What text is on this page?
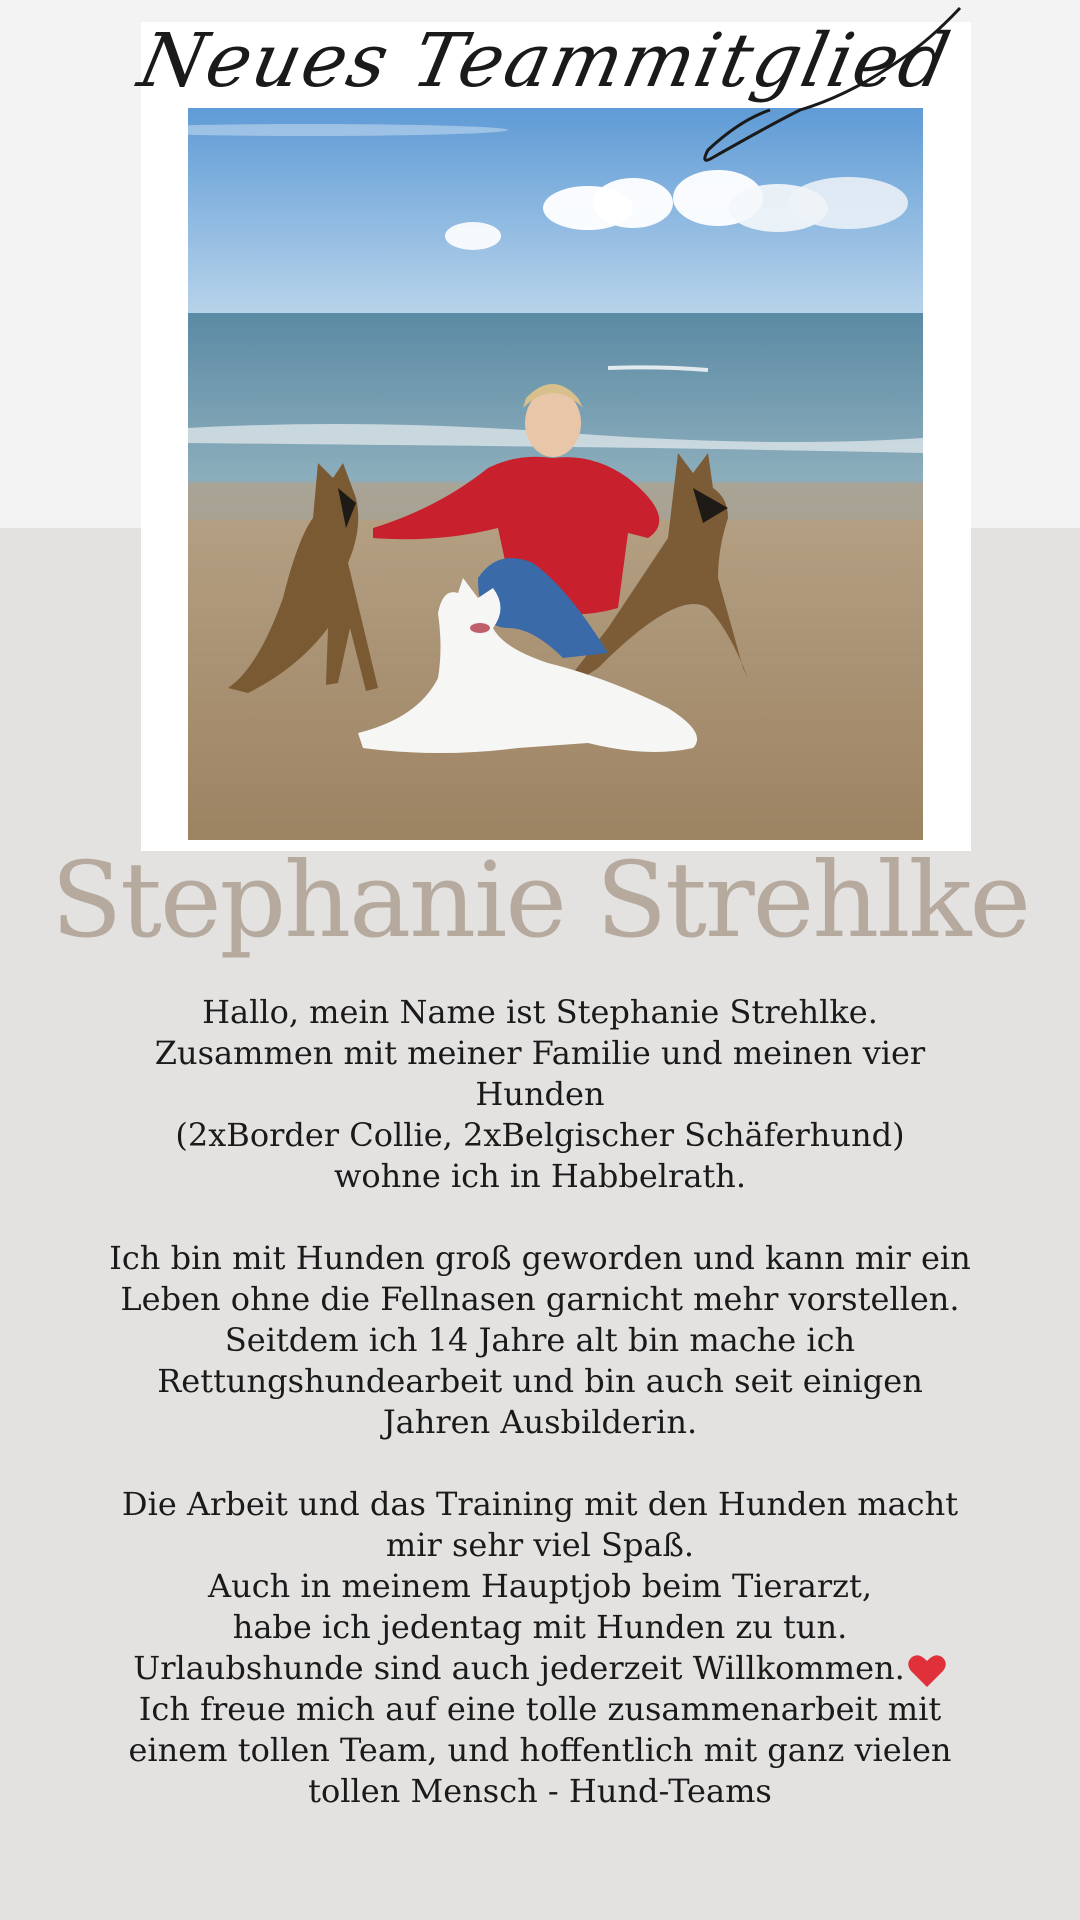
Neues Teammitglied
Stephanie Strehlke

Hallo, mein Name ist Stephanie Strehlke.
Zusammen mit meiner Familie und meinen vier
Hunden
(2xBorder Collie, 2xBelgischer Schäferhund)
wohne ich in Habbelrath.

Ich bin mit Hunden groß geworden und kann mir ein
Leben ohne die Fellnasen garnicht mehr vorstellen.
Seitdem ich 14 Jahre alt bin mache ich
Rettungshundearbeit und bin auch seit einigen
Jahren Ausbilderin.

Die Arbeit und das Training mit den Hunden macht
mir sehr viel Spaß.
Auch in meinem Hauptjob beim Tierarzt,
habe ich jedentag mit Hunden zu tun.
Urlaubshunde sind auch jederzeit Willkommen.
Ich freue mich auf eine tolle zusammenarbeit mit
einem tollen Team, und hoffentlich mit ganz vielen
tollen Mensch - Hund-Teams
